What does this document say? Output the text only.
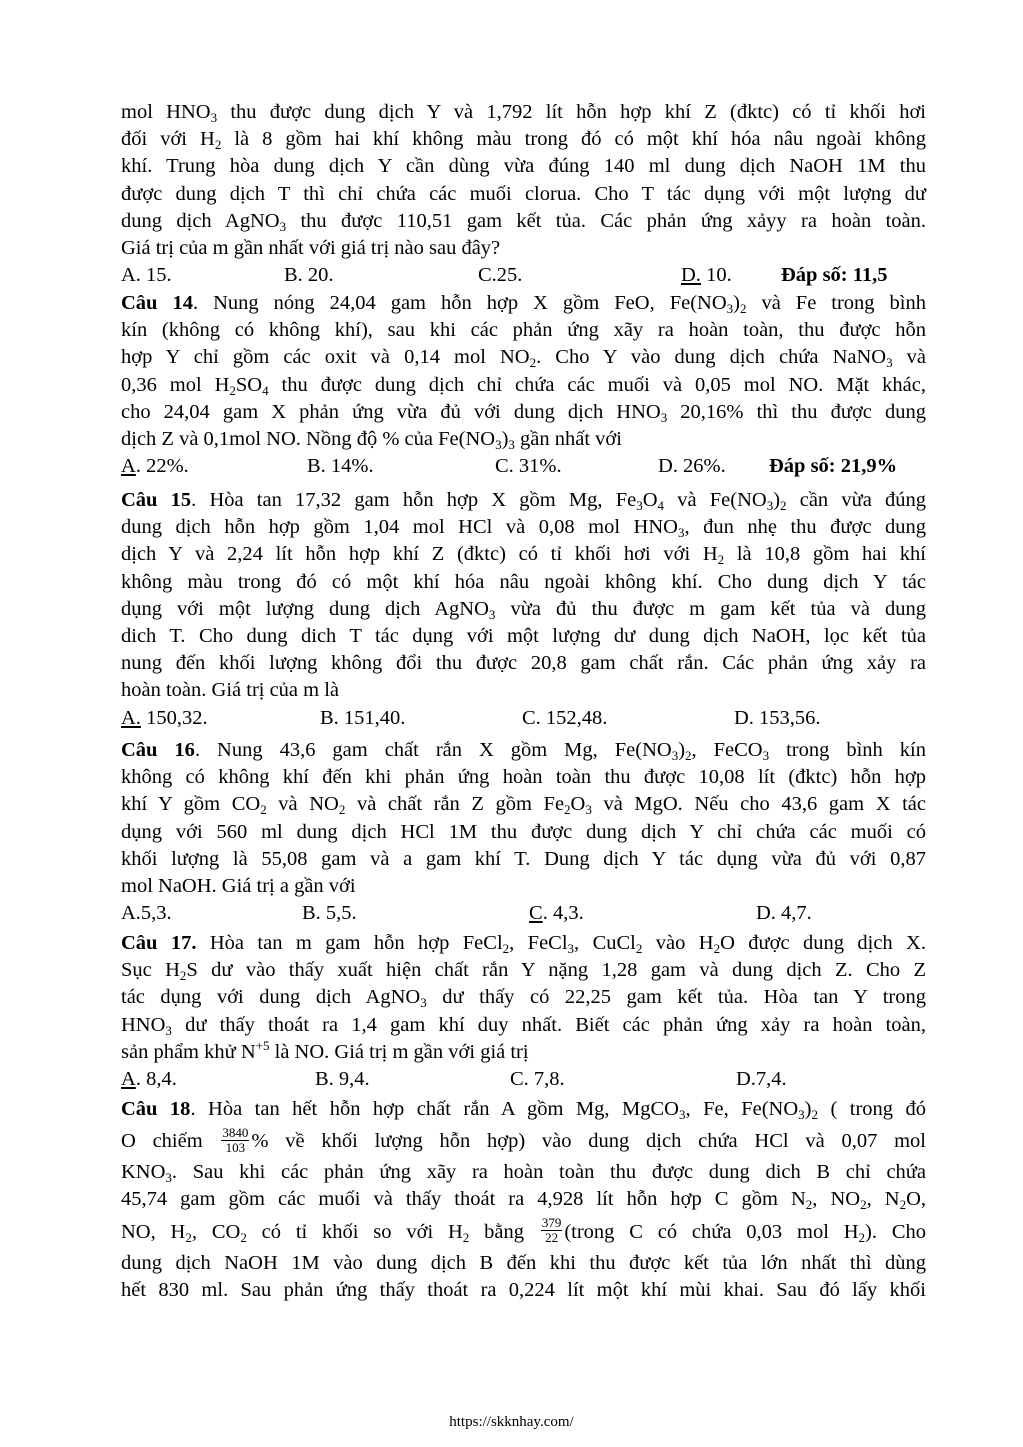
mol $HNO_3$ thu được dung dịch Y và 1,792 lít hỗn hợp khí Z (đktc) có tỉ khối hơi
đối với $H_2$ là 8 gồm hai khí không màu trong đó có một khí hóa nâu ngoài không
khí. Trung hòa dung dịch Y cần dùng vừa đúng 140 ml dung dịch NaOH 1M thu
được dung dịch T thì chỉ chứa các muối clorua. Cho T tác dụng với một lượng dư
dung dịch AgNO$_3$ thu được 110,51 gam kết tủa. Các phản ứng xảyy ra hoàn toàn.
Giá trị của m gần nhất với giá trị nào sau đây?
A. 15.	B. 20.	C.25.	D. 10.	Đáp số: 11,5
Câu 14. Nung nóng 24,04 gam hỗn hợp X gồm FeO, $Fe(NO_3)_2$ và Fe trong bình
kín (không có không khí), sau khi các phản ứng xãy ra hoàn toàn, thu được hỗn
hợp Y chỉ gồm các oxit và 0,14 mol $NO_2$. Cho Y vào dung dịch chứa NaNO$_3$ và
0,36 mol $H_2SO_4$ thu được dung dịch chỉ chứa các muối và 0,05 mol NO. Mặt khác,
cho 24,04 gam X phản ứng vừa đủ với dung dịch $HNO_3$ 20,16% thì thu được dung
dịch Z và 0,1mol NO. Nồng độ % của $Fe(NO_3)_3$ gần nhất với
A. 22%.	B. 14%.	C. 31%.	D. 26%.	Đáp số: 21,9%
Câu 15. Hòa tan 17,32 gam hỗn hợp X gồm Mg, $Fe_3O_4$ và $Fe(NO_3)_2$ cần vừa đúng
dung dịch hỗn hợp gồm 1,04 mol HCl và 0,08 mol $HNO_3$, đun nhẹ thu được dung
dịch Y và 2,24 lít hỗn hợp khí Z (đktc) có tỉ khối hơi với $H_2$ là 10,8 gồm hai khí
không màu trong đó có một khí hóa nâu ngoài không khí. Cho dung dịch Y tác
dụng với một lượng dung dịch AgNO$_3$ vừa đủ thu được m gam kết tủa và dung
dich T. Cho dung dich T tác dụng với một lượng dư dung dịch NaOH, lọc kết tủa
nung đến khối lượng không đổi thu được 20,8 gam chất rắn. Các phản ứng xảy ra
hoàn toàn. Giá trị của m là
A. 150,32.	B. 151,40.	C. 152,48.	D. 153,56.
Câu 16. Nung 43,6 gam chất rắn X gồm Mg, $Fe(NO_3)_2$, FeCO$_3$ trong bình kín
không có không khí đến khi phản ứng hoàn toàn thu được 10,08 lít (đktc) hỗn hợp
khí Y gồm $CO_2$ và $NO_2$ và chất rắn Z gồm $Fe_2O_3$ và MgO. Nếu cho 43,6 gam X tác
dụng với 560 ml dung dịch HCl 1M thu được dung dịch Y chỉ chứa các muối có
khối lượng là 55,08 gam và a gam khí T. Dung dịch Y tác dụng vừa đủ với 0,87
mol NaOH. Giá trị a gần với
A.5,3.	B. 5,5.	C. 4,3.	D. 4,7.
Câu 17. Hòa tan m gam hỗn hợp FeCl$_2$, FeCl$_3$, CuCl$_2$ vào $H_2O$ được dung dịch X.
Sục $H_2S$ dư vào thấy xuất hiện chất rắn Y nặng 1,28 gam và dung dịch Z. Cho Z
tác dụng với dung dịch AgNO$_3$ dư thấy có 22,25 gam kết tủa. Hòa tan Y trong
$HNO_3$ dư thấy thoát ra 1,4 gam khí duy nhất. Biết các phản ứng xảy ra hoàn toàn,
sản phẩm khử $N^{+5}$ là NO. Giá trị m gần với giá trị
A. 8,4.	B. 9,4.	C. 7,8.	D.7,4.
Câu 18. Hòa tan hết hỗn hợp chất rắn A gồm Mg, MgCO$_3$, Fe, $Fe(NO_3)_2$ ( trong đó
O chiếm $\frac{3840}{103}$ % về khối lượng hỗn hợp) vào dung dịch chứa HCl và 0,07 mol
$KNO_3$. Sau khi các phản ứng xãy ra hoàn toàn thu được dung dich B chỉ chứa
45,74 gam gồm các muối và thấy thoát ra 4,928 lít hỗn hợp C gồm $N_2$, $NO_2$, $N_2O$,
NO, $H_2$, $CO_2$ có tỉ khối so với $H_2$ bằng $\frac{379}{22}$ (trong C có chứa 0,03 mol $H_2$). Cho
dung dịch NaOH 1M vào dung dịch B đến khi thu được kết tủa lớn nhất thì dùng
hết 830 ml. Sau phản ứng thấy thoát ra 0,224 lít một khí mùi khai. Sau đó lấy khối
https://skknhay.com/
